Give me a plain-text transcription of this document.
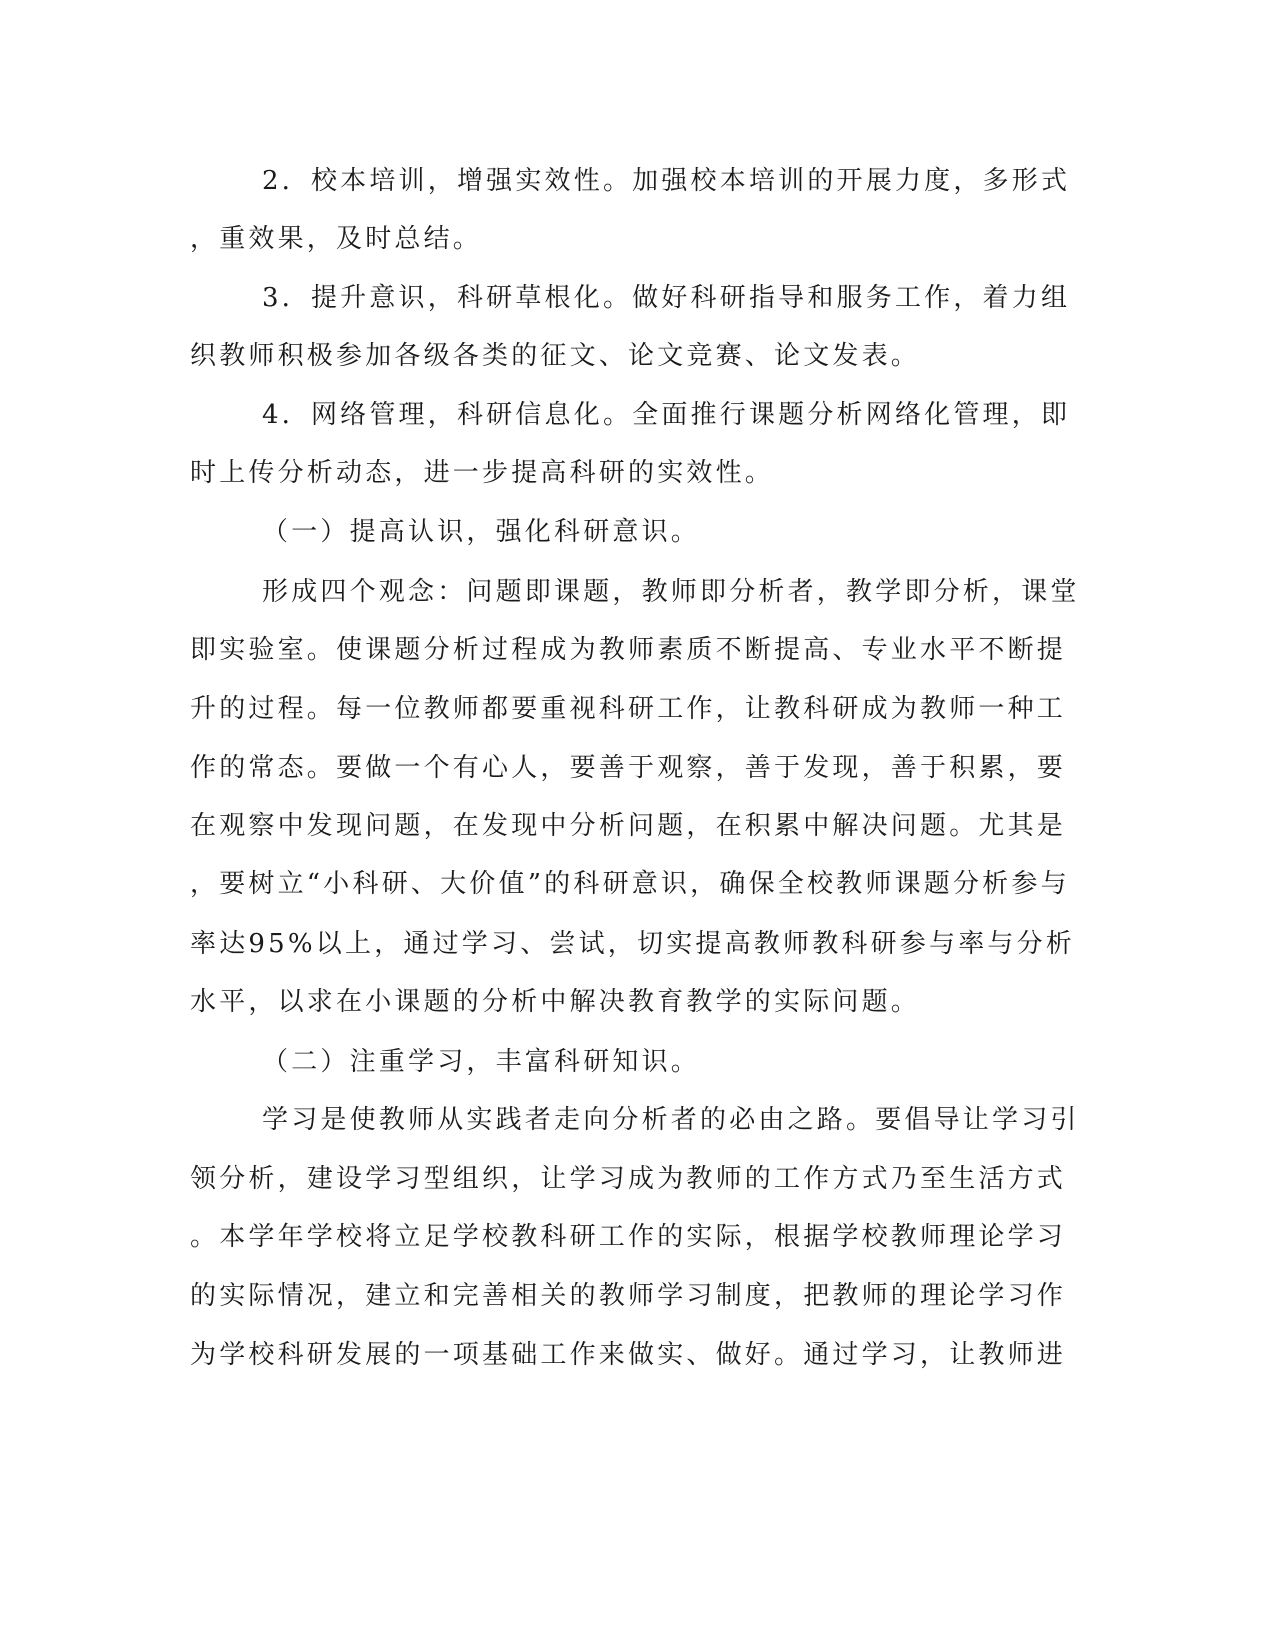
2．校本培训，增强实效性。加强校本培训的开展力度，多形式
，重效果，及时总结。
3．提升意识，科研草根化。做好科研指导和服务工作，着力组
织教师积极参加各级各类的征文、论文竞赛、论文发表。
4．网络管理，科研信息化。全面推行课题分析网络化管理，即
时上传分析动态，进一步提高科研的实效性。
（一）提高认识，强化科研意识。
形成四个观念：问题即课题，教师即分析者，教学即分析，课堂
即实验室。使课题分析过程成为教师素质不断提高、专业水平不断提
升的过程。每一位教师都要重视科研工作，让教科研成为教师一种工
作的常态。要做一个有心人，要善于观察，善于发现，善于积累，要
在观察中发现问题，在发现中分析问题，在积累中解决问题。尤其是
，要树立“小科研、大价值”的科研意识，确保全校教师课题分析参与
率达95%以上，通过学习、尝试，切实提高教师教科研参与率与分析
水平，以求在小课题的分析中解决教育教学的实际问题。
（二）注重学习，丰富科研知识。
学习是使教师从实践者走向分析者的必由之路。要倡导让学习引
领分析，建设学习型组织，让学习成为教师的工作方式乃至生活方式
。本学年学校将立足学校教科研工作的实际，根据学校教师理论学习
的实际情况，建立和完善相关的教师学习制度，把教师的理论学习作
为学校科研发展的一项基础工作来做实、做好。通过学习，让教师进
